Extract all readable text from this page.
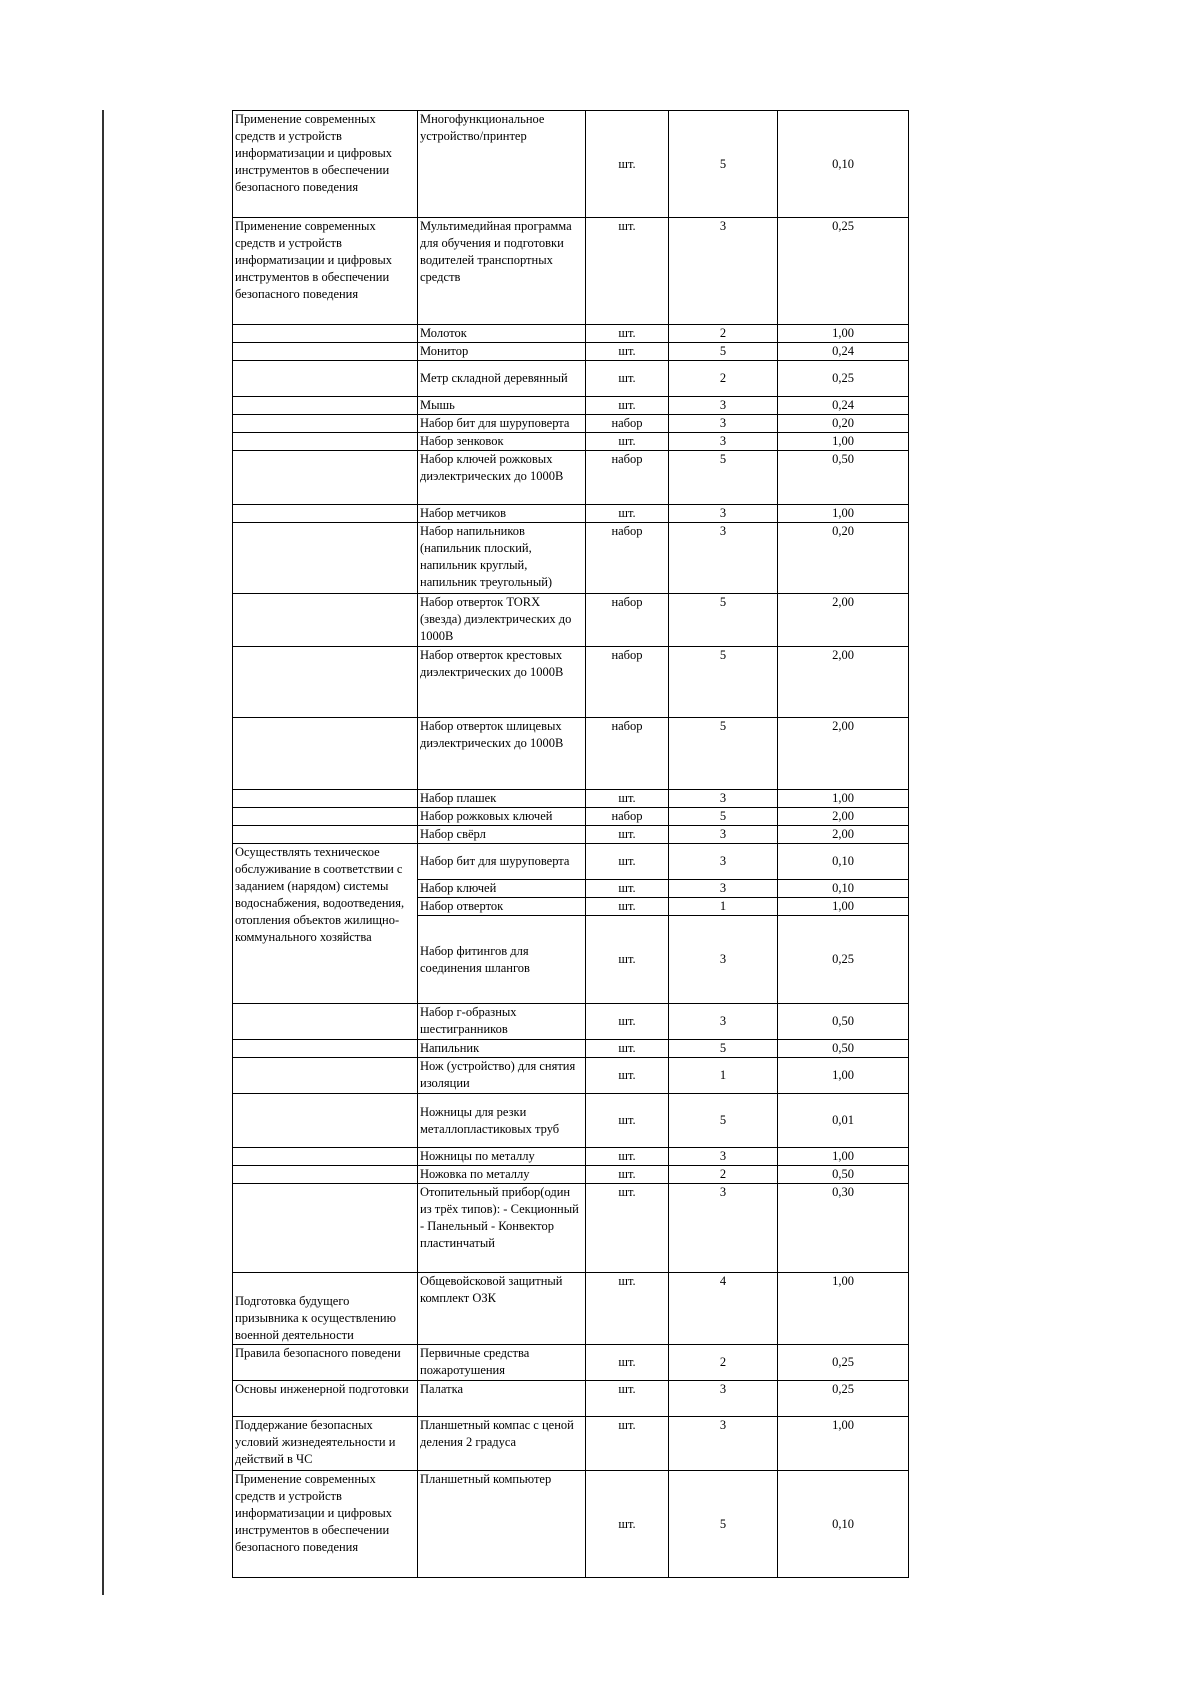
Применение современных средств и устройств информатизации и цифровых инструментов в обеспечении безопасного поведения	Многофункциональное устройство/принтер	шт.	5	0,10
Применение современных средств и устройств информатизации и цифровых инструментов в обеспечении безопасного поведения	Мультимедийная программа для обучения и подготовки водителей транспортных средств	шт.	3	0,25
	Молоток	шт.	2	1,00
	Монитор	шт.	5	0,24
	Метр складной деревянный	шт.	2	0,25
	Мышь	шт.	3	0,24
	Набор бит для шуруповерта	набор	3	0,20
	Набор зенковок	шт.	3	1,00
	Набор ключей рожковых диэлектрических до 1000В	набор	5	0,50
	Набор метчиков	шт.	3	1,00
	Набор напильников (напильник плоский, напильник круглый, напильник треугольный)	набор	3	0,20
	Набор отверток TORX (звезда) диэлектрических до 1000В	набор	5	2,00
	Набор отверток крестовых диэлектрических до 1000В	набор	5	2,00
	Набор отверток шлицевых диэлектрических до 1000В	набор	5	2,00
	Набор плашек	шт.	3	1,00
	Набор рожковых ключей	набор	5	2,00
	Набор свёрл	шт.	3	2,00
Осуществлять техническое обслуживание в соответствии с заданием (нарядом) системы водоснабжения, водоотведения, отопления объектов жилищно-коммунального хозяйства	Набор бит для шуруповерта	шт.	3	0,10
	Набор ключей	шт.	3	0,10
	Набор отверток	шт.	1	1,00
	Набор фитингов для соединения шлангов	шт.	3	0,25
	Набор г-образных шестигранников	шт.	3	0,50
	Напильник	шт.	5	0,50
	Нож (устройство) для снятия изоляции	шт.	1	1,00
	Ножницы для резки металлопластиковых труб	шт.	5	0,01
	Ножницы по металлу	шт.	3	1,00
	Ножовка по металлу	шт.	2	0,50
	Отопительный прибор(один из трёх типов): - Секционный - Панельный - Конвектор пластинчатый	шт.	3	0,30
Подготовка будущего призывника к осуществлению военной деятельности	Общевойсковой защитный комплект ОЗК	шт.	4	1,00
Правила безопасного поведени	Первичные средства пожаротушения	шт.	2	0,25
Основы инженерной подготовки	Палатка	шт.	3	0,25
Поддержание безопасных условий жизнедеятельности и действий в ЧС	Планшетный компас с ценой деления 2 градуса	шт.	3	1,00
Применение современных средств и устройств информатизации и цифровых инструментов в обеспечении безопасного поведения	Планшетный компьютер	шт.	5	0,10
